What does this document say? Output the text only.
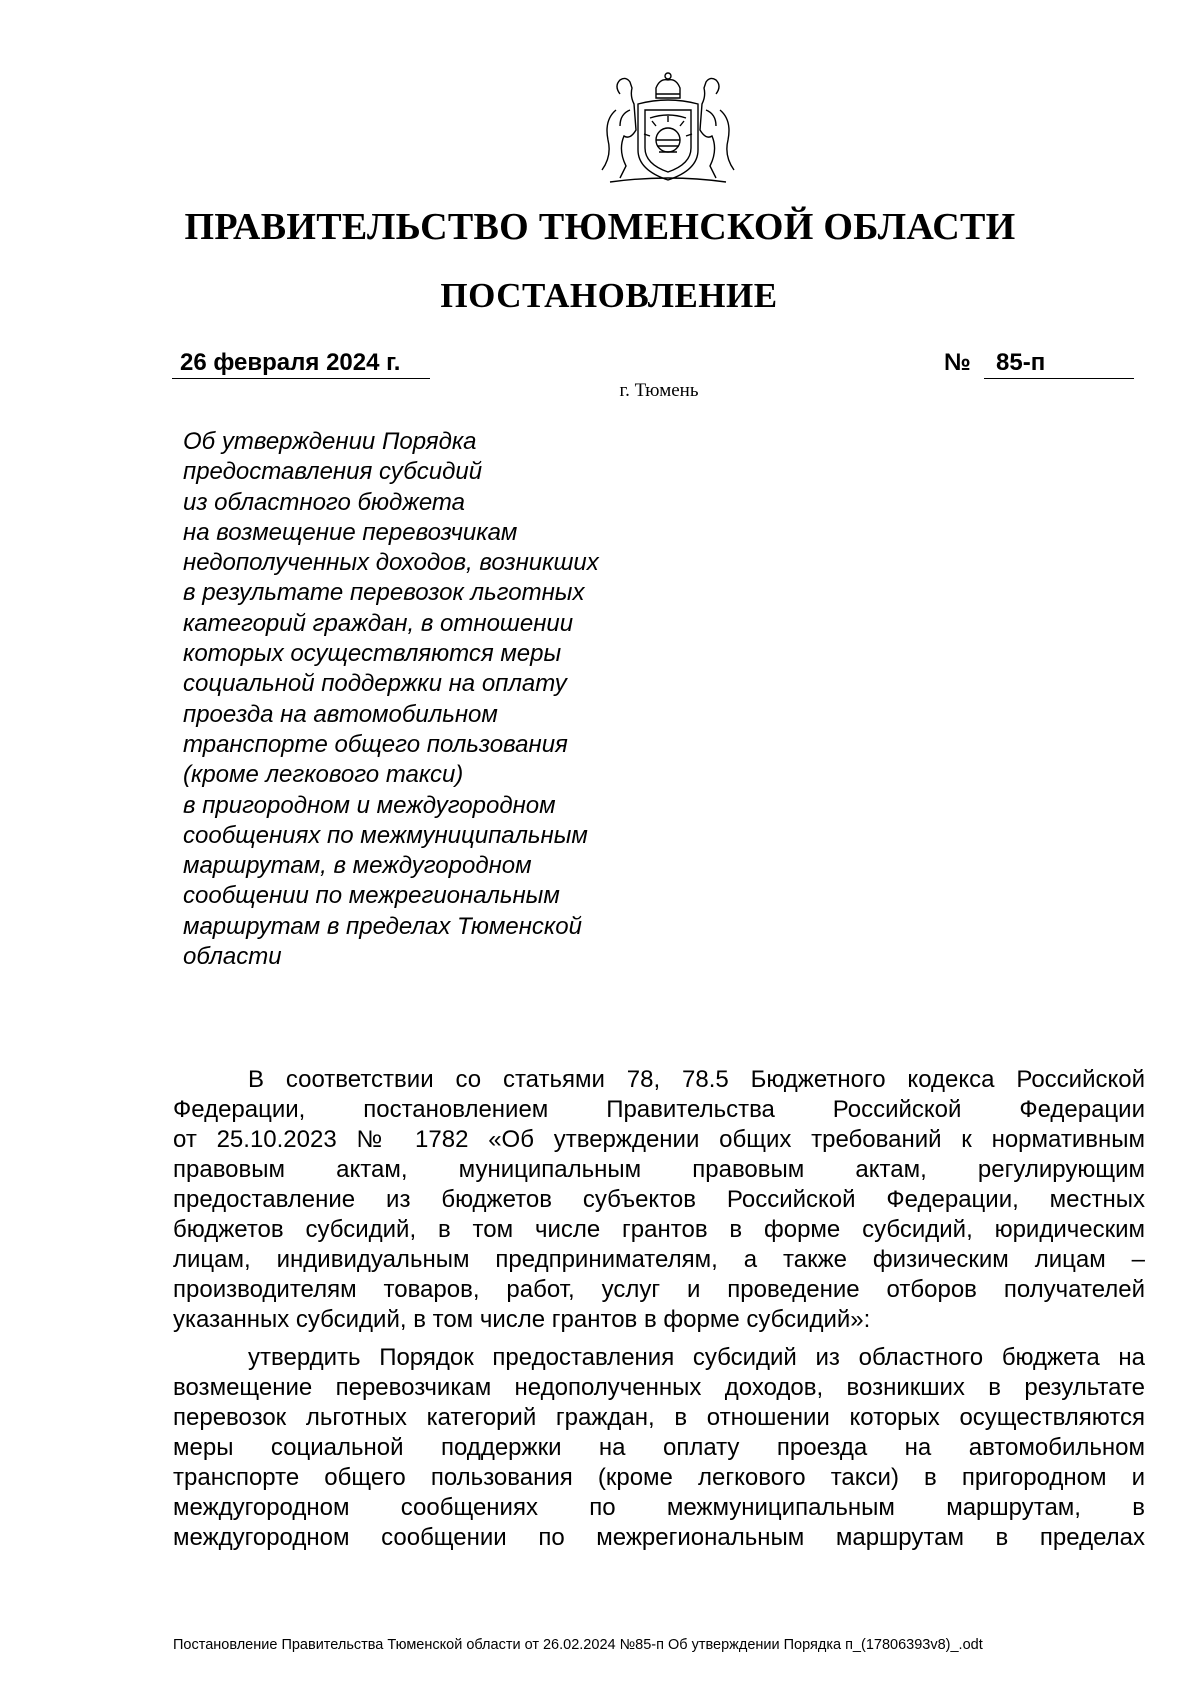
ПРАВИТЕЛЬСТВО ТЮМЕНСКОЙ ОБЛАСТИ
ПОСТАНОВЛЕНИЕ
26 февраля 2024 г.	№	85-п
г. Тюмень
Об утверждении Порядка
предоставления субсидий
из областного бюджета
на возмещение перевозчикам
недополученных доходов, возникших
в результате перевозок льготных
категорий граждан, в отношении
которых осуществляются меры
социальной поддержки на оплату
проезда на автомобильном
транспорте общего пользования
(кроме легкового такси)
в пригородном и междугородном
сообщениях по межмуниципальным
маршрутам, в междугородном
сообщении по межрегиональным
маршрутам в пределах Тюменской
области
В соответствии со статьями 78, 78.5 Бюджетного кодекса Российской
Федерации, постановлением Правительства Российской Федерации
от 25.10.2023 № 1782 «Об утверждении общих требований к нормативным
правовым актам, муниципальным правовым актам, регулирующим
предоставление из бюджетов субъектов Российской Федерации, местных
бюджетов субсидий, в том числе грантов в форме субсидий, юридическим
лицам, индивидуальным предпринимателям, а также физическим лицам –
производителям товаров, работ, услуг и проведение отборов получателей
указанных субсидий, в том числе грантов в форме субсидий»:
утвердить Порядок предоставления субсидий из областного бюджета на
возмещение перевозчикам недополученных доходов, возникших в результате
перевозок льготных категорий граждан, в отношении которых осуществляются
меры социальной поддержки на оплату проезда на автомобильном
транспорте общего пользования (кроме легкового такси) в пригородном и
междугородном сообщениях по межмуниципальным маршрутам, в
междугородном сообщении по межрегиональным маршрутам в пределах
Постановление Правительства Тюменской области от 26.02.2024 №85-п Об утверждении Порядка п_(17806393v8)_.odt
